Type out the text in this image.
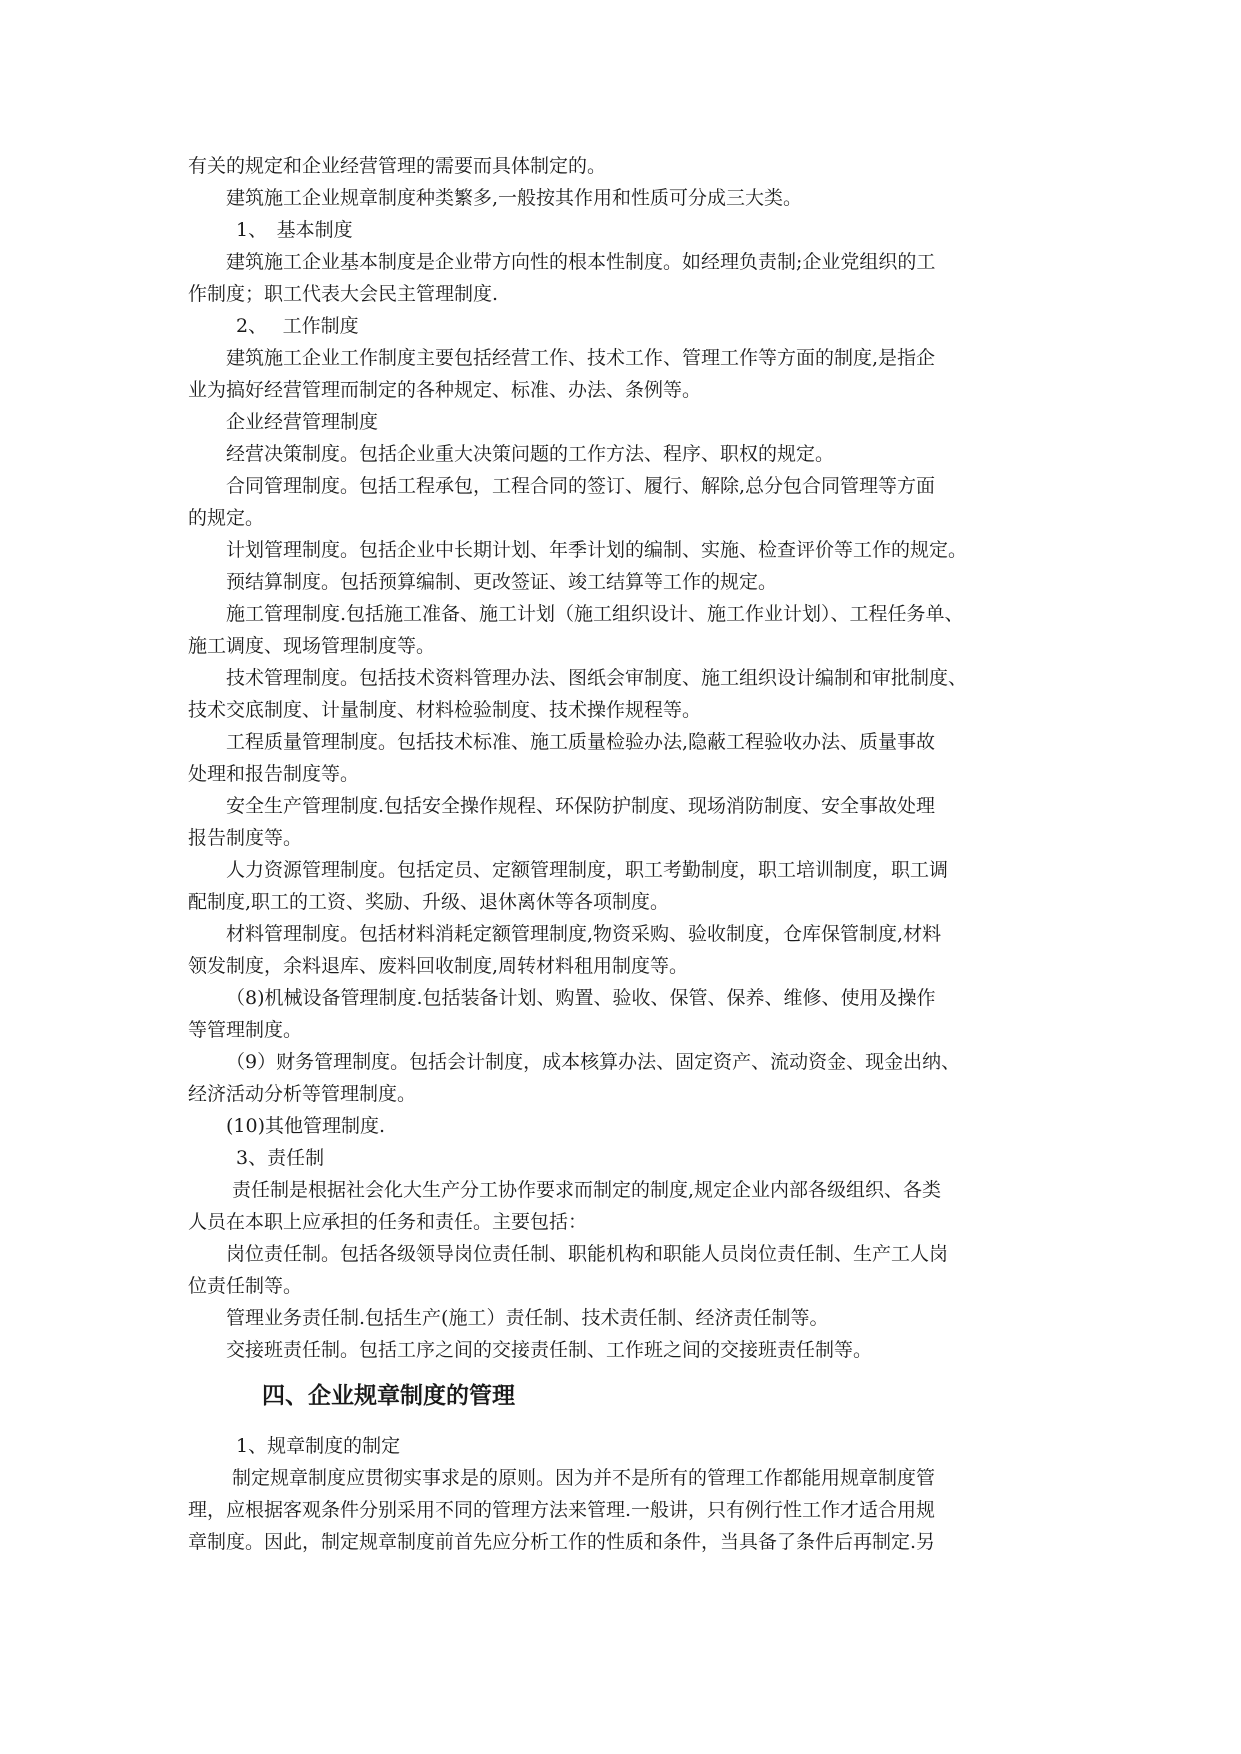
有关的规定和企业经营管理的需要而具体制定的。
建筑施工企业规章制度种类繁多,一般按其作用和性质可分成三大类。
1、　基本制度
建筑施工企业基本制度是企业带方向性的根本性制度。如经理负责制;企业党组织的工
作制度；职工代表大会民主管理制度.
2、　 工作制度
建筑施工企业工作制度主要包括经营工作、技术工作、管理工作等方面的制度,是指企
业为搞好经营管理而制定的各种规定、标准、办法、条例等。
企业经营管理制度
经营决策制度。包括企业重大决策问题的工作方法、程序、职权的规定。
合同管理制度。包括工程承包，工程合同的签订、履行、解除,总分包合同管理等方面
的规定。
计划管理制度。包括企业中长期计划、年季计划的编制、实施、检查评价等工作的规定。
预结算制度。包括预算编制、更改签证、竣工结算等工作的规定。
施工管理制度.包括施工准备、施工计划（施工组织设计、施工作业计划）、工程任务单、
施工调度、现场管理制度等。
技术管理制度。包括技术资料管理办法、图纸会审制度、施工组织设计编制和审批制度、
技术交底制度、计量制度、材料检验制度、技术操作规程等。
工程质量管理制度。包括技术标准、施工质量检验办法,隐蔽工程验收办法、质量事故
处理和报告制度等。
安全生产管理制度.包括安全操作规程、环保防护制度、现场消防制度、安全事故处理
报告制度等。
人力资源管理制度。包括定员、定额管理制度，职工考勤制度，职工培训制度，职工调
配制度,职工的工资、奖励、升级、退休离休等各项制度。
材料管理制度。包括材料消耗定额管理制度,物资采购、验收制度，仓库保管制度,材料
领发制度，余料退库、废料回收制度,周转材料租用制度等。
（8)机械设备管理制度.包括装备计划、购置、验收、保管、保养、维修、使用及操作
等管理制度。
（9）财务管理制度。包括会计制度，成本核算办法、固定资产、流动资金、现金出纳、
经济活动分析等管理制度。
(10)其他管理制度.
3、责任制
责任制是根据社会化大生产分工协作要求而制定的制度,规定企业内部各级组织、各类
人员在本职上应承担的任务和责任。主要包括：
岗位责任制。包括各级领导岗位责任制、职能机构和职能人员岗位责任制、生产工人岗
位责任制等。
管理业务责任制.包括生产(施工）责任制、技术责任制、经济责任制等。
交接班责任制。包括工序之间的交接责任制、工作班之间的交接班责任制等。
四、企业规章制度的管理
1、规章制度的制定
制定规章制度应贯彻实事求是的原则。因为并不是所有的管理工作都能用规章制度管
理，应根据客观条件分别采用不同的管理方法来管理.一般讲，只有例行性工作才适合用规
章制度。因此，制定规章制度前首先应分析工作的性质和条件，当具备了条件后再制定.另
